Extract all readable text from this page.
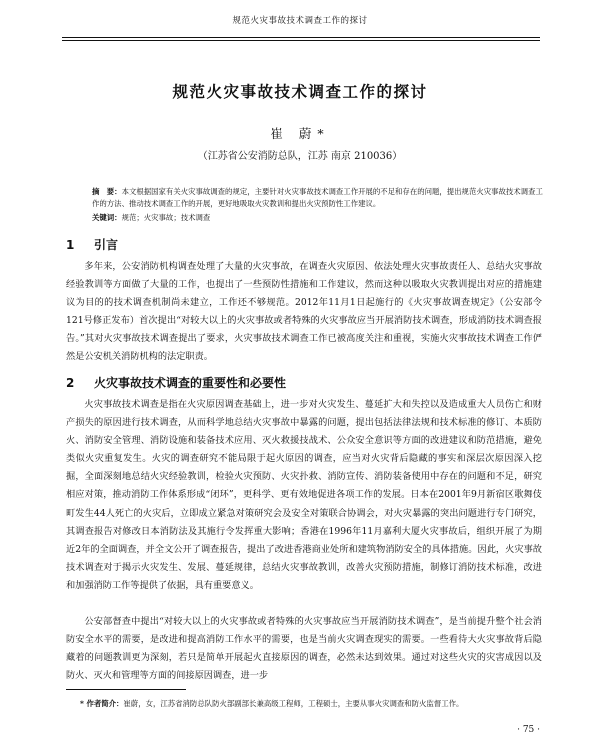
规范火灾事故技术调查工作的探讨
规范火灾事故技术调查工作的探讨
崔 蔚*
（江苏省公安消防总队，江苏 南京 210036）
摘　要：本文根据国家有关火灾事故调查的规定，主要针对火灾事故技术调查工作开展的不足和存在的问题，提出规范火灾事故技术调查工作的方法、推动技术调查工作的开展，更好地吸取火灾教训和提出火灾预防性工作建议。
关键词：规范；火灾事故；技术调查
1 引言

多年来，公安消防机构调查处理了大量的火灾事故，在调查火灾原因、依法处理火灾事故责任人、总结火灾事故经验教训等方面做了大量的工作，也提出了一些预防性措施和工作建议，然而这种以吸取火灾教训提出对应的措施建议为目的的技术调查机制尚未建立，工作还不够规范。2012年11月1日起施行的《火灾事故调查规定》（公安部令121号修正发布）首次提出“对较大以上的火灾事故或者特殊的火灾事故应当开展消防技术调查，形成消防技术调查报告。”其对火灾事故技术调查提出了要求，火灾事故技术调查工作已被高度关注和重视，实施火灾事故技术调查工作俨然是公安机关消防机构的法定职责。

2 火灾事故技术调查的重要性和必要性

火灾事故技术调查是指在火灾原因调查基础上，进一步对火灾发生、蔓延扩大和失控以及造成重大人员伤亡和财产损失的原因进行技术调查，从而科学地总结火灾事故中暴露的问题，提出包括法律法规和技术标准的修订、本质防火、消防安全管理、消防设施和装备技术应用、灭火救援技战术、公众安全意识等方面的改进建议和防范措施，避免类似火灾重复发生。火灾的调查研究不能局限于起火原因的调查，应当对火灾背后隐藏的事实和深层次原因深入挖掘，全面深刻地总结火灾经验教训，检验火灾预防、火灾扑救、消防宣传、消防装备使用中存在的问题和不足，研究相应对策，推动消防工作体系形成“闭环”，更科学、更有效地促进各项工作的发展。日本在2001年9月新宿区歌舞伎町发生44人死亡的火灾后，立即成立紧急对策研究会及安全对策联合协调会，对火灾暴露的突出问题进行专门研究，其调查报告对修改日本消防法及其施行令发挥重大影响；香港在1996年11月嘉利大厦火灾事故后，组织开展了为期近2年的全面调查，并全文公开了调查报告，提出了改进香港商业处所和建筑物消防安全的具体措施。因此，火灾事故技术调查对于揭示火灾发生、发展、蔓延规律，总结火灾事故教训，改善火灾预防措施，制修订消防技术标准，改进和加强消防工作等提供了依据，具有重要意义。

公安部督查中提出“对较大以上的火灾事故或者特殊的火灾事故应当开展消防技术调查”，是当前提升整个社会消防安全水平的需要，是改进和提高消防工作水平的需要，也是当前火灾调查现实的需要。一些看待大火灾事故背后隐藏着的问题教训更为深刻，若只是简单开展起火直接原因的调查，必然未达到效果。通过对这些火灾的灾害成因以及防火、灭火和管理等方面的间接原因调查，进一步

* 作者简介：崔蔚，女，江苏省消防总队防火部副部长兼高级工程师，工程硕士，主要从事火灾调查和防火监督工作。
· 75 ·
